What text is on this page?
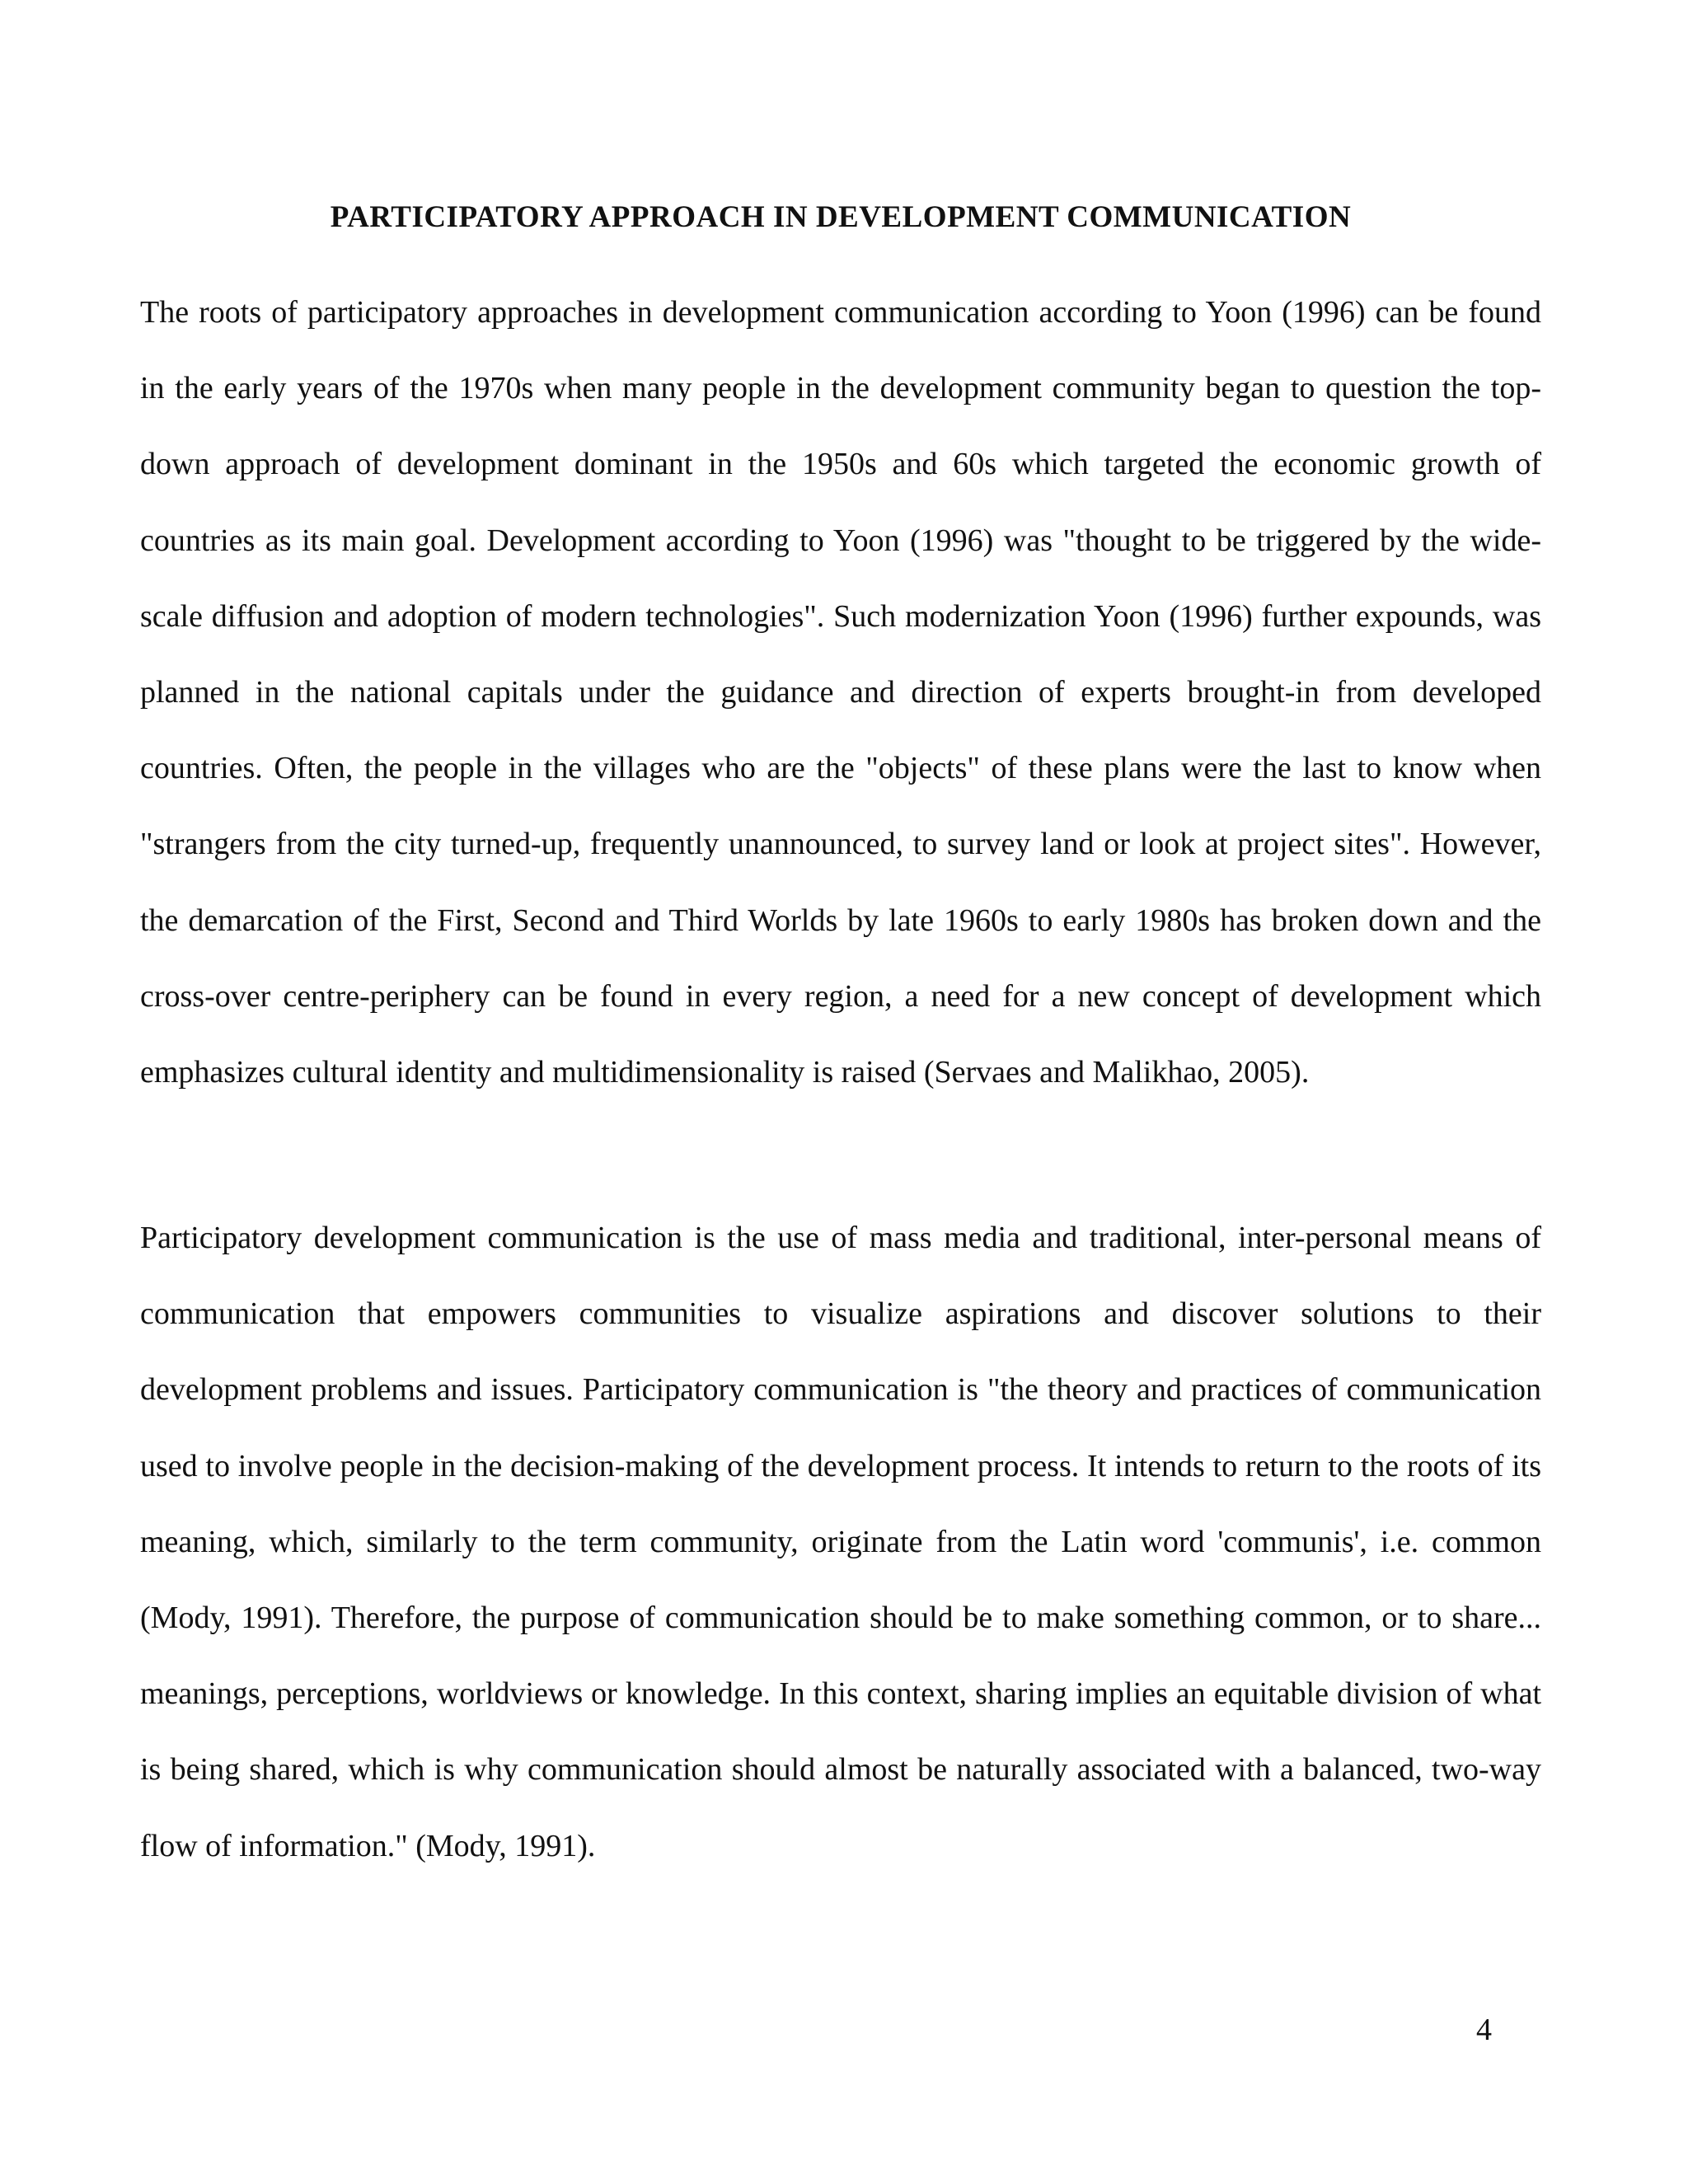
PARTICIPATORY APPROACH IN DEVELOPMENT COMMUNICATION

The roots of participatory approaches in development communication according to Yoon (1996) can be found in the early years of the 1970s when many people in the development community began to question the top-down approach of development dominant in the 1950s and 60s which targeted the economic growth of countries as its main goal. Development according to Yoon (1996) was "thought to be triggered by the wide-scale diffusion and adoption of modern technologies". Such modernization Yoon (1996) further expounds, was planned in the national capitals under the guidance and direction of experts brought-in from developed countries. Often, the people in the villages who are the "objects" of these plans were the last to know when "strangers from the city turned-up, frequently unannounced, to survey land or look at project sites". However, the demarcation of the First, Second and Third Worlds by late 1960s to early 1980s has broken down and the cross-over centre-periphery can be found in every region, a need for a new concept of development which emphasizes cultural identity and multidimensionality is raised (Servaes and Malikhao, 2005).

Participatory development communication is the use of mass media and traditional, inter-personal means of communication that empowers communities to visualize aspirations and discover solutions to their development problems and issues. Participatory communication is "the theory and practices of communication used to involve people in the decision-making of the development process. It intends to return to the roots of its meaning, which, similarly to the term community, originate from the Latin word 'communis', i.e. common (Mody, 1991). Therefore, the purpose of communication should be to make something common, or to share... meanings, perceptions, worldviews or knowledge. In this context, sharing implies an equitable division of what is being shared, which is why communication should almost be naturally associated with a balanced, two-way flow of information." (Mody, 1991).

4
